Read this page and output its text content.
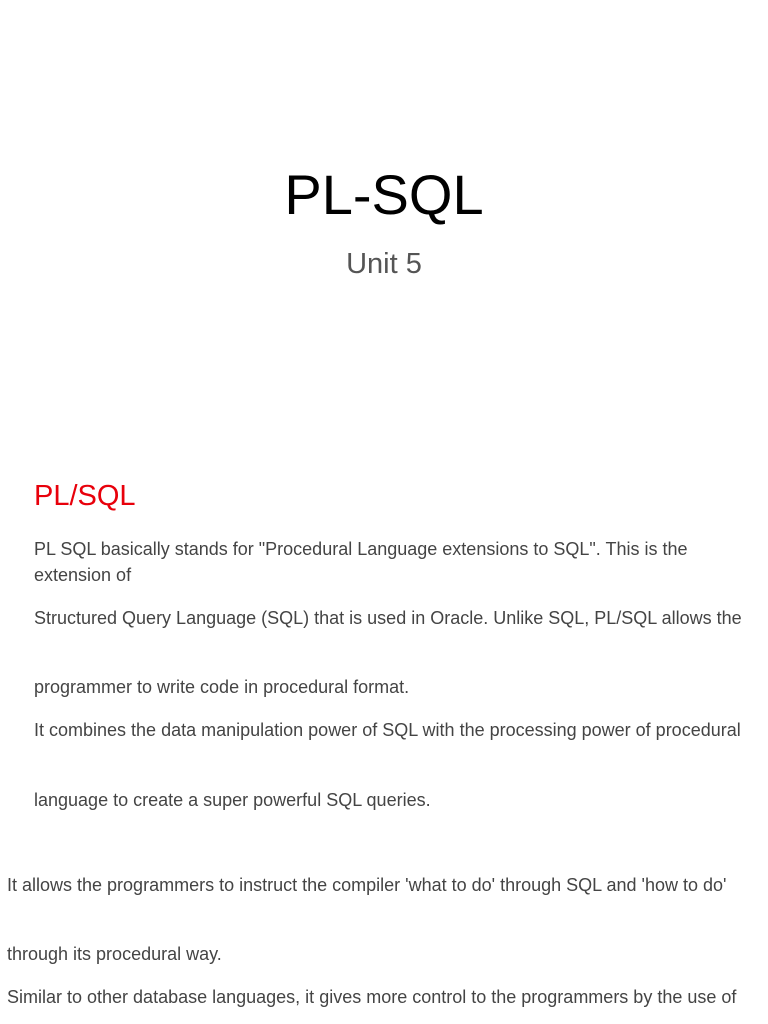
PL-SQL
Unit 5
PL/SQL

PL SQL basically stands for "Procedural Language extensions to SQL". This is the extension of

Structured Query Language (SQL) that is used in Oracle. Unlike SQL, PL/SQL allows the

programmer to write code in procedural format.

It combines the data manipulation power of SQL with the processing power of procedural

language to create a super powerful SQL queries.

It allows the programmers to instruct the compiler 'what to do' through SQL and 'how to do'

through its procedural way.

Similar to other database languages, it gives more control to the programmers by the use of
